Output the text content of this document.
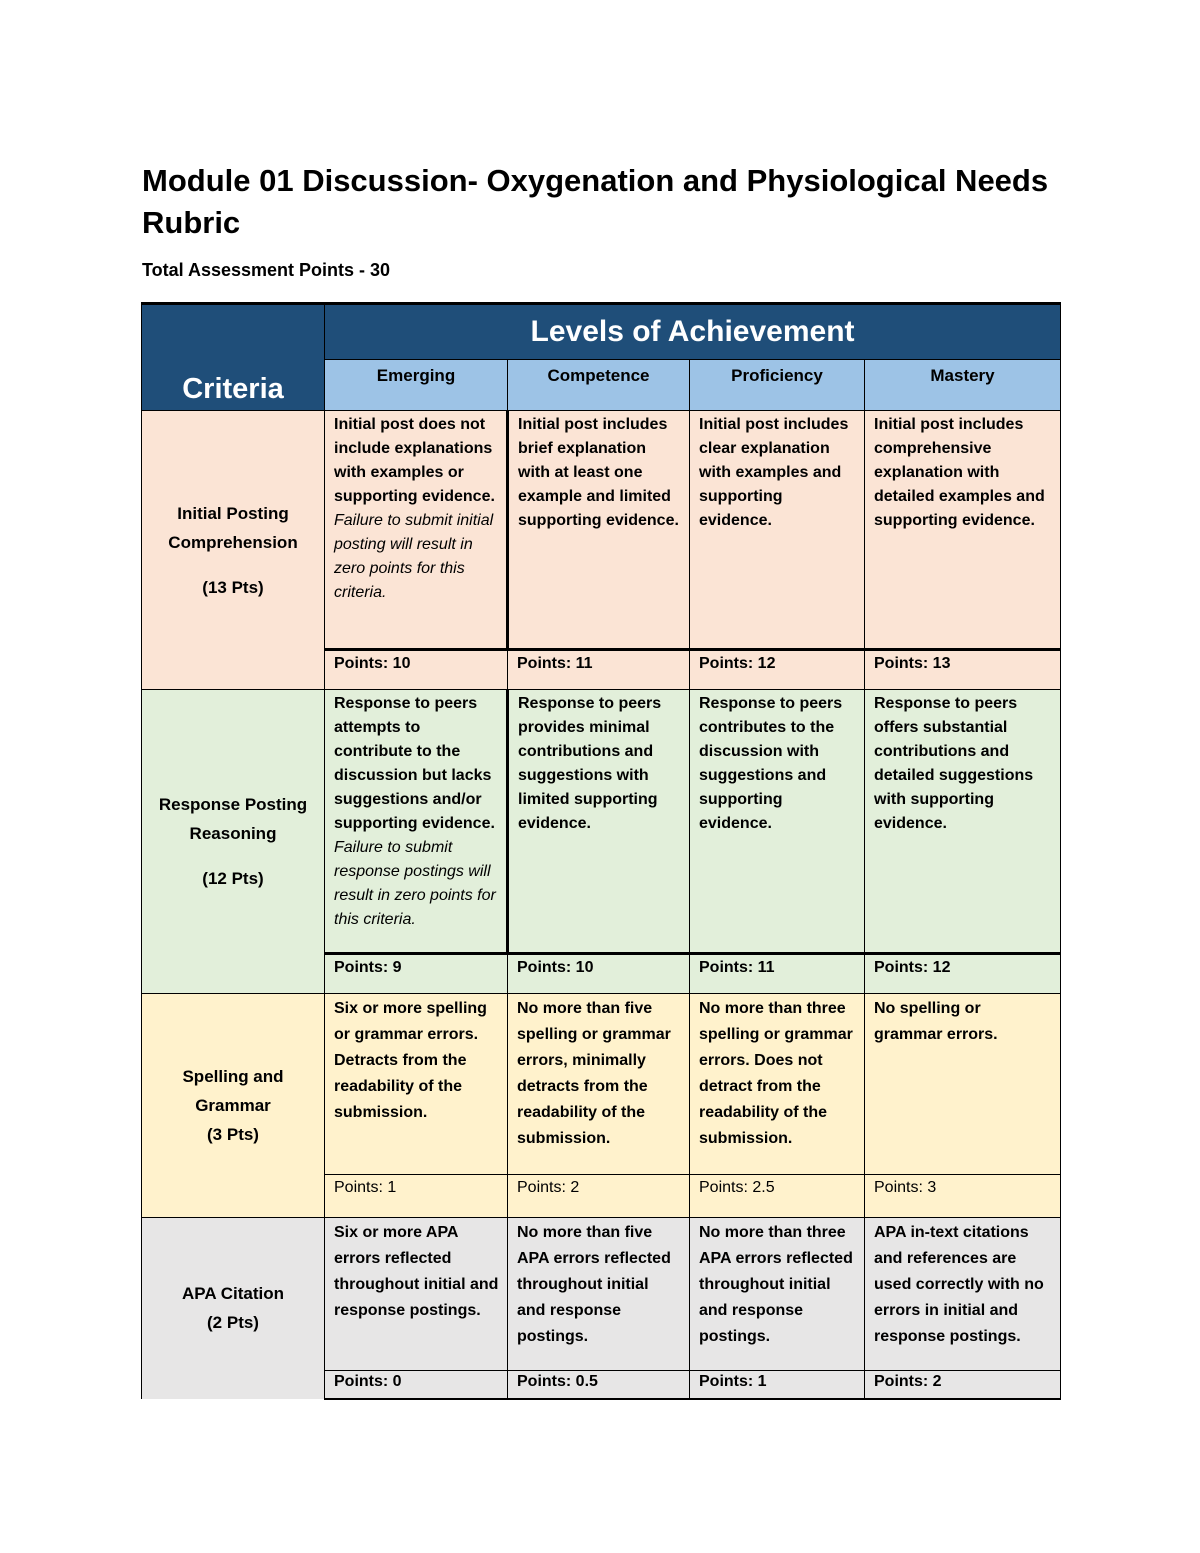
Module 01 Discussion- Oxygenation and Physiological Needs Rubric

Total Assessment Points - 30

Criteria	Levels of Achievement			
	Emerging	Competence	Proficiency	Mastery
Initial Posting
Comprehension
(13 Pts)	Initial post does not include explanations with examples or supporting evidence. Failure to submit initial posting will result in zero points for this criteria.	Initial post includes brief explanation with at least one example and limited supporting evidence.	Initial post includes clear explanation with examples and supporting evidence.	Initial post includes comprehensive explanation with detailed examples and supporting evidence.
	Points: 10	Points: 11	Points: 12	Points: 13
Response Posting
Reasoning
(12 Pts)	Response to peers attempts to contribute to the discussion but lacks suggestions and/or supporting evidence. Failure to submit response postings will result in zero points for this criteria.	Response to peers provides minimal contributions and suggestions with limited supporting evidence.	Response to peers contributes to the discussion with suggestions and supporting evidence.	Response to peers offers substantial contributions and detailed suggestions with supporting evidence.
	Points: 9	Points: 10	Points: 11	Points: 12
Spelling and
Grammar
(3 Pts)	Six or more spelling or grammar errors. Detracts from the readability of the submission.	No more than five spelling or grammar errors, minimally detracts from the readability of the submission.	No more than three spelling or grammar errors. Does not detract from the readability of the submission.	No spelling or grammar errors.
	Points: 1	Points: 2	Points: 2.5	Points: 3
APA Citation
(2 Pts)	Six or more APA errors reflected throughout initial and response postings.	No more than five APA errors reflected throughout initial and response postings.	No more than three APA errors reflected throughout initial and response postings.	APA in-text citations and references are used correctly with no errors in initial and response postings.
	Points: 0	Points: 0.5	Points: 1	Points: 2
